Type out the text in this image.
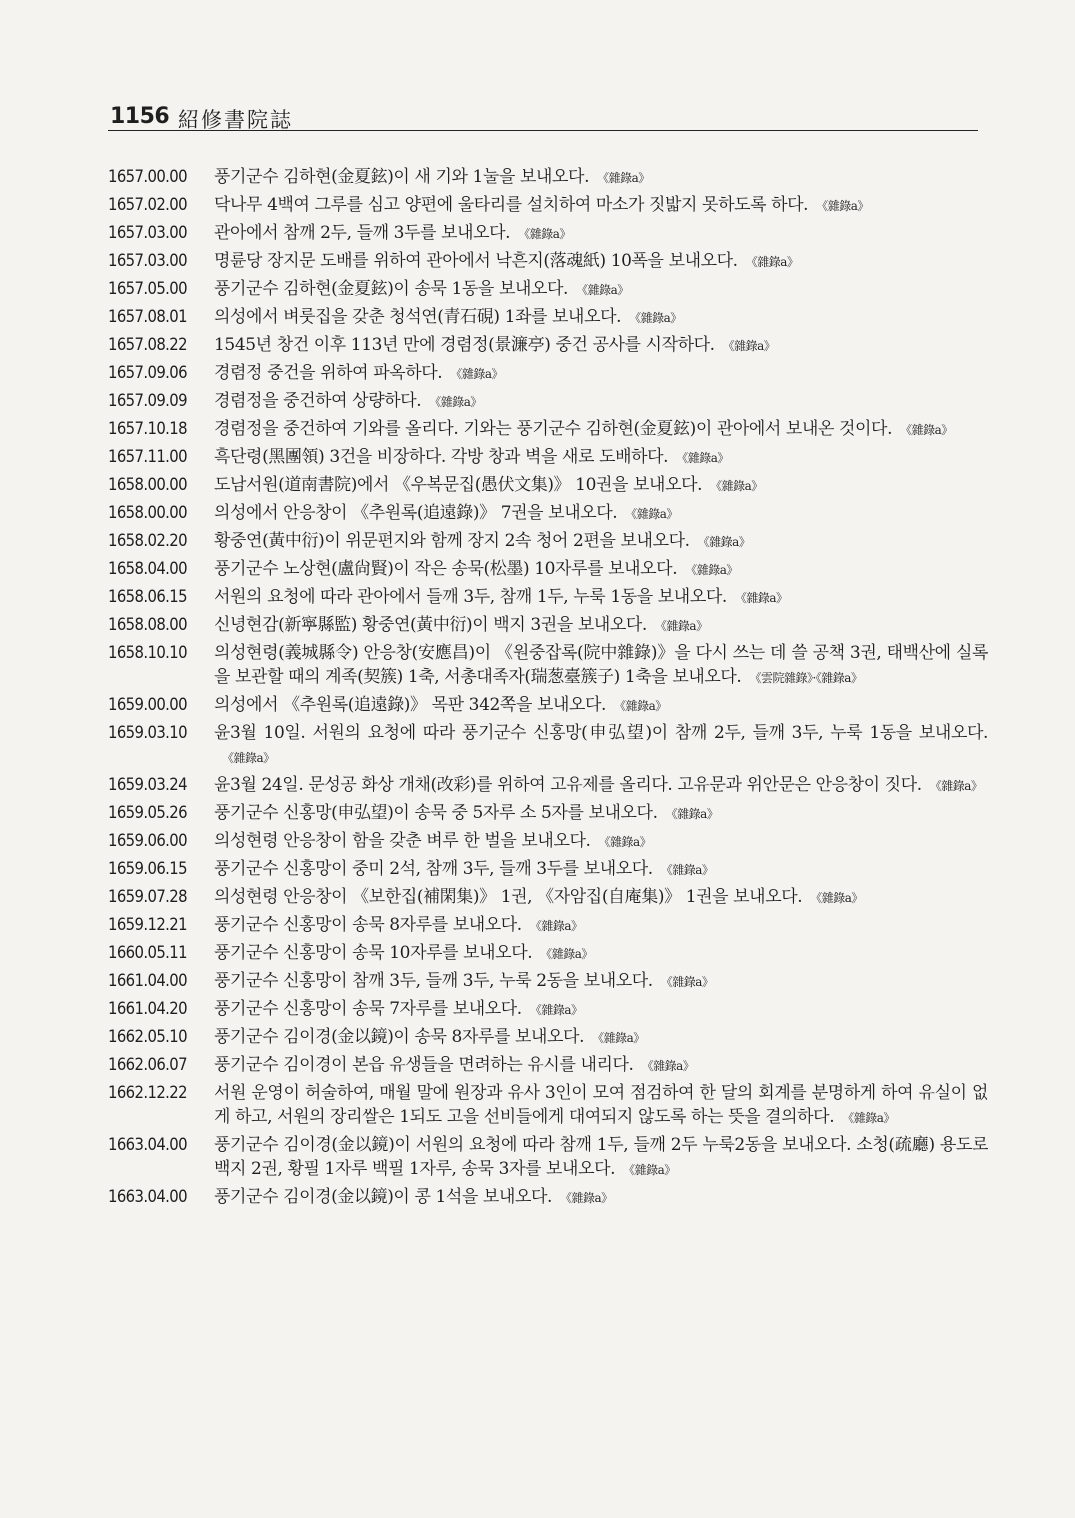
1156 紹修書院誌
1657.00.00	풍기군수 김하현(金夏鉉)이 새 기와 1눌을 보내오다. 《雜錄a》
1657.02.00	닥나무 4백여 그루를 심고 양편에 울타리를 설치하여 마소가 짓밟지 못하도록 하다. 《雜錄a》
1657.03.00	관아에서 참깨 2두, 들깨 3두를 보내오다. 《雜錄a》
1657.03.00	명륜당 장지문 도배를 위하여 관아에서 낙흔지(落魂紙) 10폭을 보내오다. 《雜錄a》
1657.05.00	풍기군수 김하현(金夏鉉)이 송묵 1동을 보내오다. 《雜錄a》
1657.08.01	의성에서 벼룻집을 갖춘 청석연(青石硯) 1좌를 보내오다. 《雜錄a》
1657.08.22	1545년 창건 이후 113년 만에 경렴정(景濂亭) 중건 공사를 시작하다. 《雜錄a》
1657.09.06	경렴정 중건을 위하여 파옥하다. 《雜錄a》
1657.09.09	경렴정을 중건하여 상량하다. 《雜錄a》
1657.10.18	경렴정을 중건하여 기와를 올리다. 기와는 풍기군수 김하현(金夏鉉)이 관아에서 보내온 것이다. 《雜錄a》
1657.11.00	흑단령(黑團領) 3건을 비장하다. 각방 창과 벽을 새로 도배하다. 《雜錄a》
1658.00.00	도남서원(道南書院)에서 《우복문집(愚伏文集)》 10권을 보내오다. 《雜錄a》
1658.00.00	의성에서 안응창이 《추원록(追遠錄)》 7권을 보내오다. 《雜錄a》
1658.02.20	황중연(黃中衍)이 위문편지와 함께 장지 2속 청어 2편을 보내오다. 《雜錄a》
1658.04.00	풍기군수 노상현(盧尙賢)이 작은 송묵(松墨) 10자루를 보내오다. 《雜錄a》
1658.06.15	서원의 요청에 따라 관아에서 들깨 3두, 참깨 1두, 누룩 1동을 보내오다. 《雜錄a》
1658.08.00	신녕현감(新寧縣監) 황중연(黃中衍)이 백지 3권을 보내오다. 《雜錄a》
1658.10.10	의성현령(義城縣令) 안응창(安應昌)이 《원중잡록(院中雜錄)》을 다시 쓰는 데 쓸 공책 3권, 태백산에 실록을 보관할 때의 계족(契簇) 1축, 서총대족자(瑞葱臺簇子) 1축을 보내오다. 《雲院雜錄》·《雜錄a》
1659.00.00	의성에서 《추원록(追遠錄)》 목판 342쪽을 보내오다. 《雜錄a》
1659.03.10	윤3월 10일. 서원의 요청에 따라 풍기군수 신홍망(申弘望)이 참깨 2두, 들깨 3두, 누룩 1동을 보내오다.《雜錄a》
1659.03.24	윤3월 24일. 문성공 화상 개채(改彩)를 위하여 고유제를 올리다. 고유문과 위안문은 안응창이 짓다. 《雜錄a》
1659.05.26	풍기군수 신홍망(申弘望)이 송묵 중 5자루 소 5자를 보내오다. 《雜錄a》
1659.06.00	의성현령 안응창이 함을 갖춘 벼루 한 벌을 보내오다. 《雜錄a》
1659.06.15	풍기군수 신홍망이 중미 2석, 참깨 3두, 들깨 3두를 보내오다. 《雜錄a》
1659.07.28	의성현령 안응창이 《보한집(補閑集)》 1권, 《자암집(自庵集)》 1권을 보내오다. 《雜錄a》
1659.12.21	풍기군수 신홍망이 송묵 8자루를 보내오다. 《雜錄a》
1660.05.11	풍기군수 신홍망이 송묵 10자루를 보내오다. 《雜錄a》
1661.04.00	풍기군수 신홍망이 참깨 3두, 들깨 3두, 누룩 2동을 보내오다. 《雜錄a》
1661.04.20	풍기군수 신홍망이 송묵 7자루를 보내오다. 《雜錄a》
1662.05.10	풍기군수 김이경(金以鏡)이 송묵 8자루를 보내오다. 《雜錄a》
1662.06.07	풍기군수 김이경이 본읍 유생들을 면려하는 유시를 내리다. 《雜錄a》
1662.12.22	서원 운영이 허술하여, 매월 말에 원장과 유사 3인이 모여 점검하여 한 달의 회계를 분명하게 하여 유실이 없게 하고, 서원의 장리쌀은 1되도 고을 선비들에게 대여되지 않도록 하는 뜻을 결의하다. 《雜錄a》
1663.04.00	풍기군수 김이경(金以鏡)이 서원의 요청에 따라 참깨 1두, 들깨 2두 누룩2동을 보내오다. 소청(疏廳) 용도로 백지 2권, 황필 1자루 백필 1자루, 송묵 3자를 보내오다. 《雜錄a》
1663.04.00	풍기군수 김이경(金以鏡)이 콩 1석을 보내오다. 《雜錄a》
